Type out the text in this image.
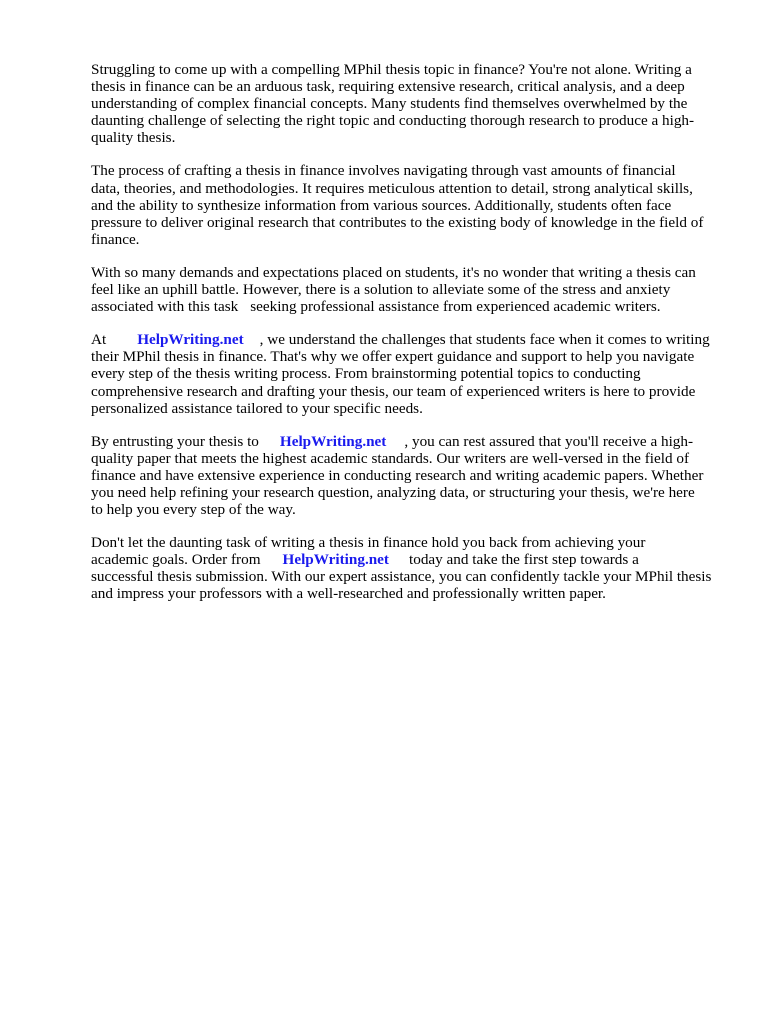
Struggling to come up with a compelling MPhil thesis topic in finance? You're not alone. Writing a
thesis in finance can be an arduous task, requiring extensive research, critical analysis, and a deep
understanding of complex financial concepts. Many students find themselves overwhelmed by the
daunting challenge of selecting the right topic and conducting thorough research to produce a high-
quality thesis.

The process of crafting a thesis in finance involves navigating through vast amounts of financial
data, theories, and methodologies. It requires meticulous attention to detail, strong analytical skills,
and the ability to synthesize information from various sources. Additionally, students often face
pressure to deliver original research that contributes to the existing body of knowledge in the field of
finance.

With so many demands and expectations placed on students, it's no wonder that writing a thesis can
feel like an uphill battle. However, there is a solution to alleviate some of the stress and anxiety
associated with this task seeking professional assistance from experienced academic writers.

At HelpWriting.net , we understand the challenges that students face when it comes to writing
their MPhil thesis in finance. That's why we offer expert guidance and support to help you navigate
every step of the thesis writing process. From brainstorming potential topics to conducting
comprehensive research and drafting your thesis, our team of experienced writers is here to provide
personalized assistance tailored to your specific needs.

By entrusting your thesis to HelpWriting.net , you can rest assured that you'll receive a high-
quality paper that meets the highest academic standards. Our writers are well-versed in the field of
finance and have extensive experience in conducting research and writing academic papers. Whether
you need help refining your research question, analyzing data, or structuring your thesis, we're here
to help you every step of the way.

Don't let the daunting task of writing a thesis in finance hold you back from achieving your
academic goals. Order from HelpWriting.net today and take the first step towards a
successful thesis submission. With our expert assistance, you can confidently tackle your MPhil thesis
and impress your professors with a well-researched and professionally written paper.
